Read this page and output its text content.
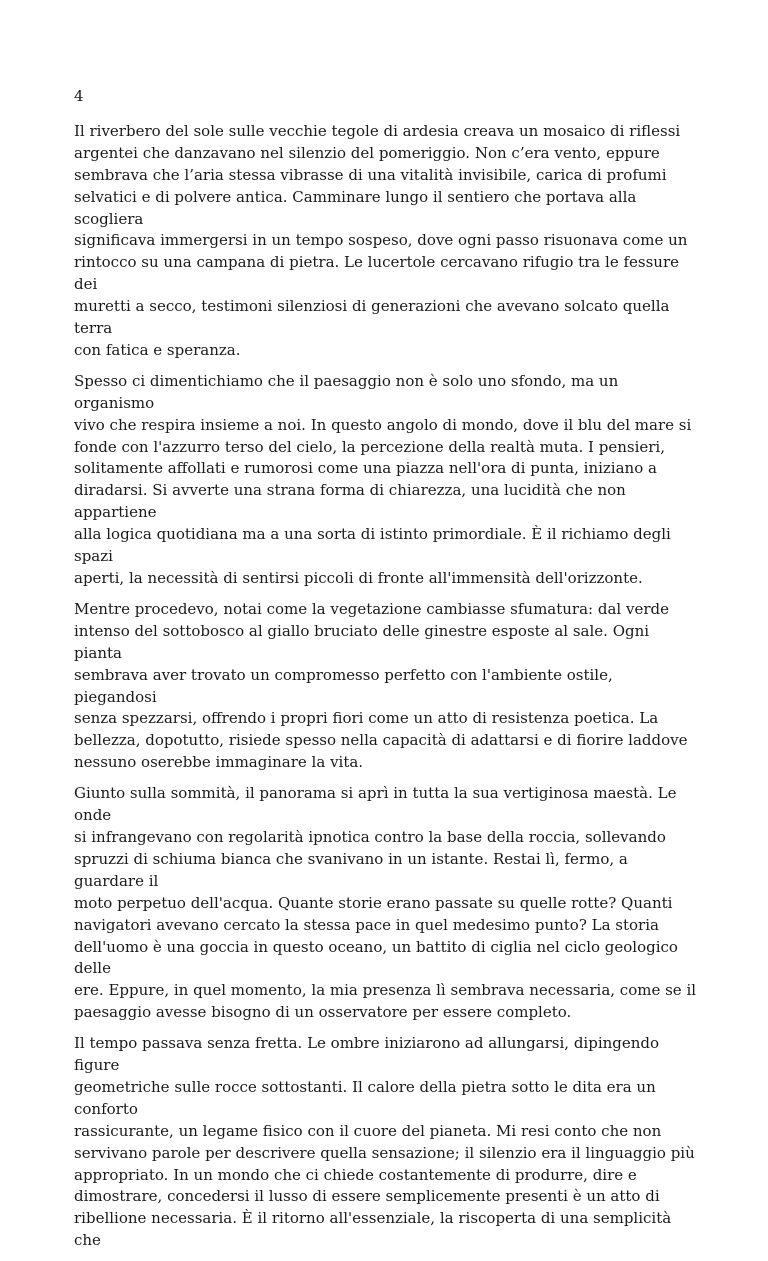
4

Il riverbero del sole sulle vecchie tegole di ardesia creava un mosaico di riflessi
argentei che danzavano nel silenzio del pomeriggio. Non c’era vento, eppure
sembrava che l’aria stessa vibrasse di una vitalità invisibile, carica di profumi
selvatici e di polvere antica. Camminare lungo il sentiero che portava alla scogliera
significava immergersi in un tempo sospeso, dove ogni passo risuonava come un
rintocco su una campana di pietra. Le lucertole cercavano rifugio tra le fessure dei
muretti a secco, testimoni silenziosi di generazioni che avevano solcato quella terra
con fatica e speranza.

Spesso ci dimentichiamo che il paesaggio non è solo uno sfondo, ma un organismo
vivo che respira insieme a noi. In questo angolo di mondo, dove il blu del mare si
fonde con l'azzurro terso del cielo, la percezione della realtà muta. I pensieri,
solitamente affollati e rumorosi come una piazza nell'ora di punta, iniziano a
diradarsi. Si avverte una strana forma di chiarezza, una lucidità che non appartiene
alla logica quotidiana ma a una sorta di istinto primordiale. È il richiamo degli spazi
aperti, la necessità di sentirsi piccoli di fronte all'immensità dell'orizzonte.

Mentre procedevo, notai come la vegetazione cambiasse sfumatura: dal verde
intenso del sottobosco al giallo bruciato delle ginestre esposte al sale. Ogni pianta
sembrava aver trovato un compromesso perfetto con l'ambiente ostile, piegandosi
senza spezzarsi, offrendo i propri fiori come un atto di resistenza poetica. La
bellezza, dopotutto, risiede spesso nella capacità di adattarsi e di fiorire laddove
nessuno oserebbe immaginare la vita.

Giunto sulla sommità, il panorama si aprì in tutta la sua vertiginosa maestà. Le onde
si infrangevano con regolarità ipnotica contro la base della roccia, sollevando
spruzzi di schiuma bianca che svanivano in un istante. Restai lì, fermo, a guardare il
moto perpetuo dell'acqua. Quante storie erano passate su quelle rotte? Quanti
navigatori avevano cercato la stessa pace in quel medesimo punto? La storia
dell'uomo è una goccia in questo oceano, un battito di ciglia nel ciclo geologico delle
ere. Eppure, in quel momento, la mia presenza lì sembrava necessaria, come se il
paesaggio avesse bisogno di un osservatore per essere completo.

Il tempo passava senza fretta. Le ombre iniziarono ad allungarsi, dipingendo figure
geometriche sulle rocce sottostanti. Il calore della pietra sotto le dita era un conforto
rassicurante, un legame fisico con il cuore del pianeta. Mi resi conto che non
servivano parole per descrivere quella sensazione; il silenzio era il linguaggio più
appropriato. In un mondo che ci chiede costantemente di produrre, dire e
dimostrare, concedersi il lusso di essere semplicemente presenti è un atto di
ribellione necessaria. È il ritorno all'essenziale, la riscoperta di una semplicità che
